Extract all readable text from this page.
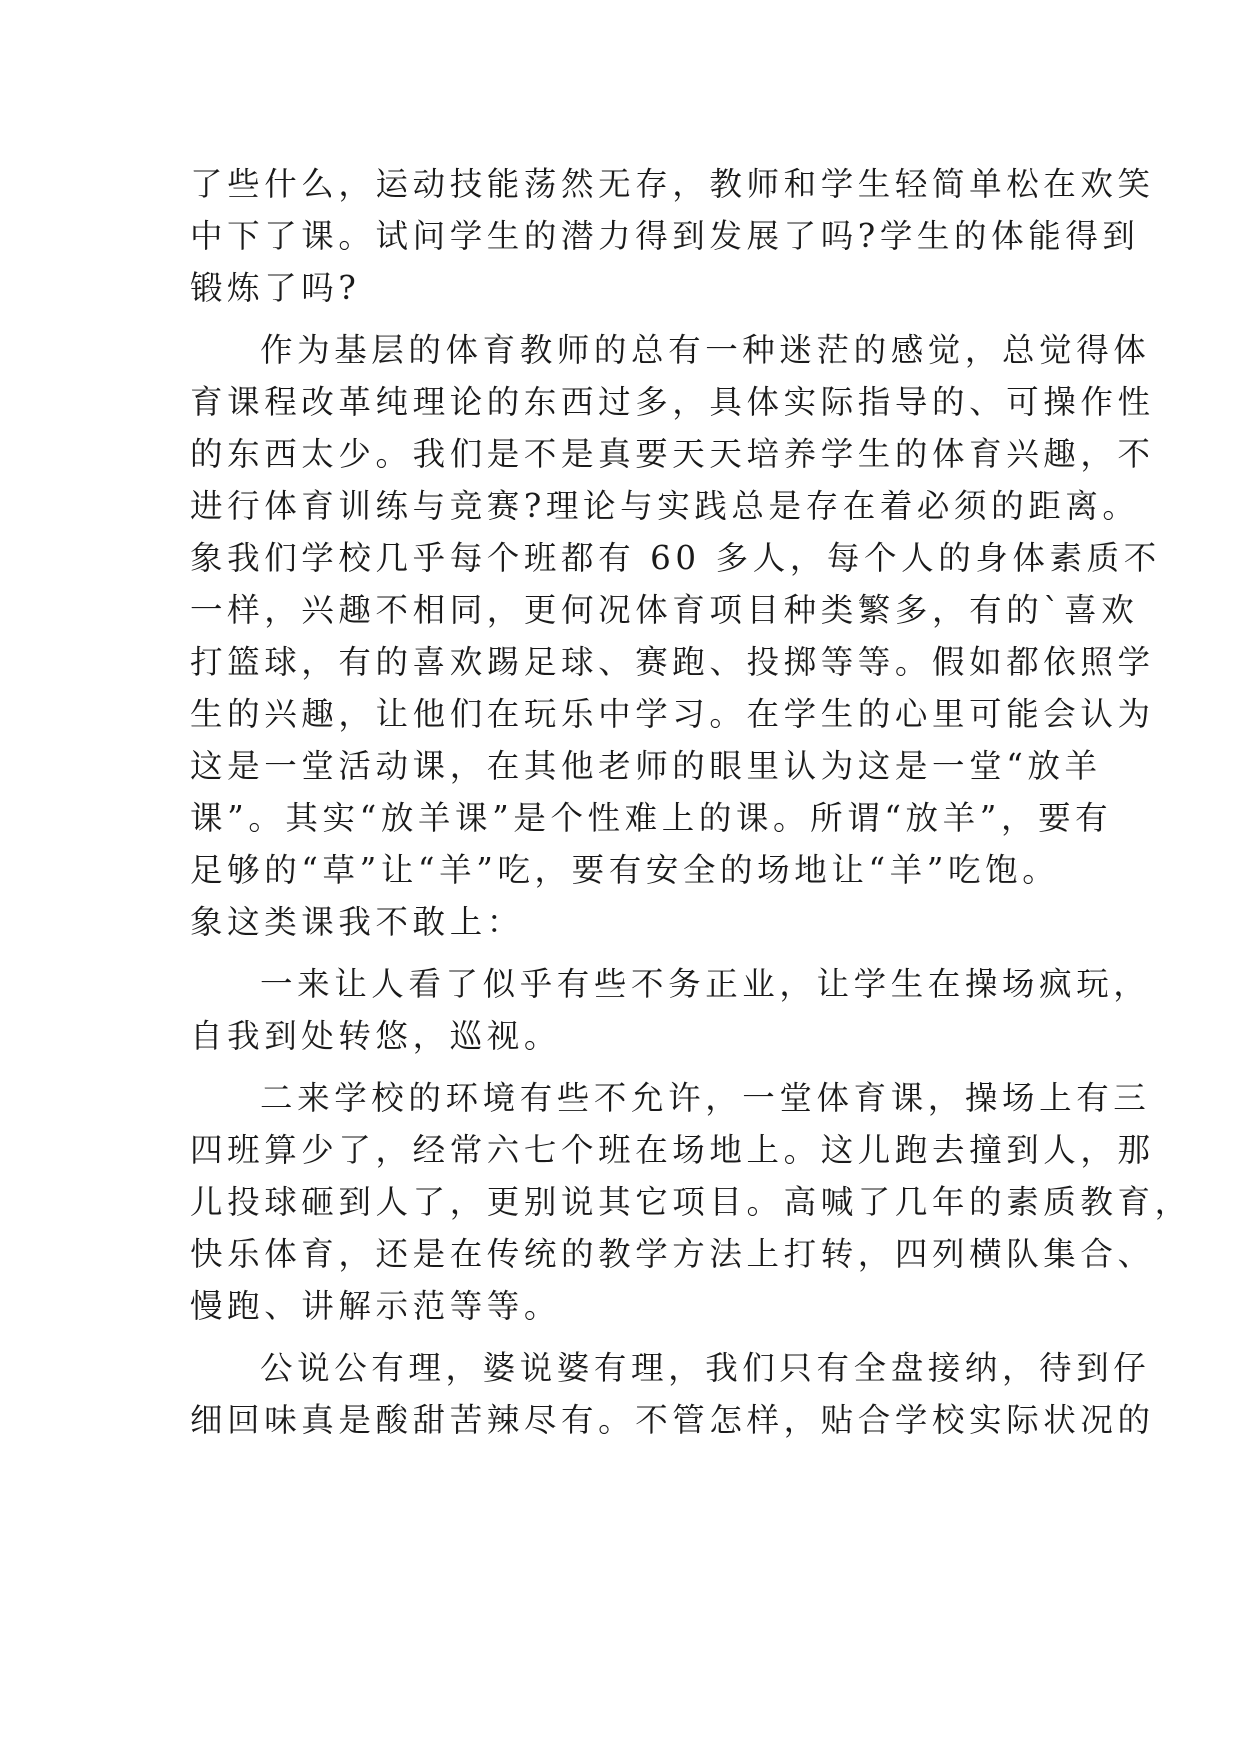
了些什么，运动技能荡然无存，教师和学生轻简单松在欢笑
中下了课。试问学生的潜力得到发展了吗?学生的体能得到
锻炼了吗?
作为基层的体育教师的总有一种迷茫的感觉，总觉得体
育课程改革纯理论的东西过多，具体实际指导的、可操作性
的东西太少。我们是不是真要天天培养学生的体育兴趣，不
进行体育训练与竞赛?理论与实践总是存在着必须的距离。
象我们学校几乎每个班都有 60 多人，每个人的身体素质不
一样，兴趣不相同，更何况体育项目种类繁多，有的`喜欢
打篮球，有的喜欢踢足球、赛跑、投掷等等。假如都依照学
生的兴趣，让他们在玩乐中学习。在学生的心里可能会认为
这是一堂活动课，在其他老师的眼里认为这是一堂“放羊
课”。其实“放羊课”是个性难上的课。所谓“放羊”，要有
足够的“草”让“羊”吃，要有安全的场地让“羊”吃饱。
象这类课我不敢上：
一来让人看了似乎有些不务正业，让学生在操场疯玩，
自我到处转悠，巡视。
二来学校的环境有些不允许，一堂体育课，操场上有三
四班算少了，经常六七个班在场地上。这儿跑去撞到人，那
儿投球砸到人了，更别说其它项目。高喊了几年的素质教育，
快乐体育，还是在传统的教学方法上打转，四列横队集合、
慢跑、讲解示范等等。
公说公有理，婆说婆有理，我们只有全盘接纳，待到仔
细回味真是酸甜苦辣尽有。不管怎样，贴合学校实际状况的
